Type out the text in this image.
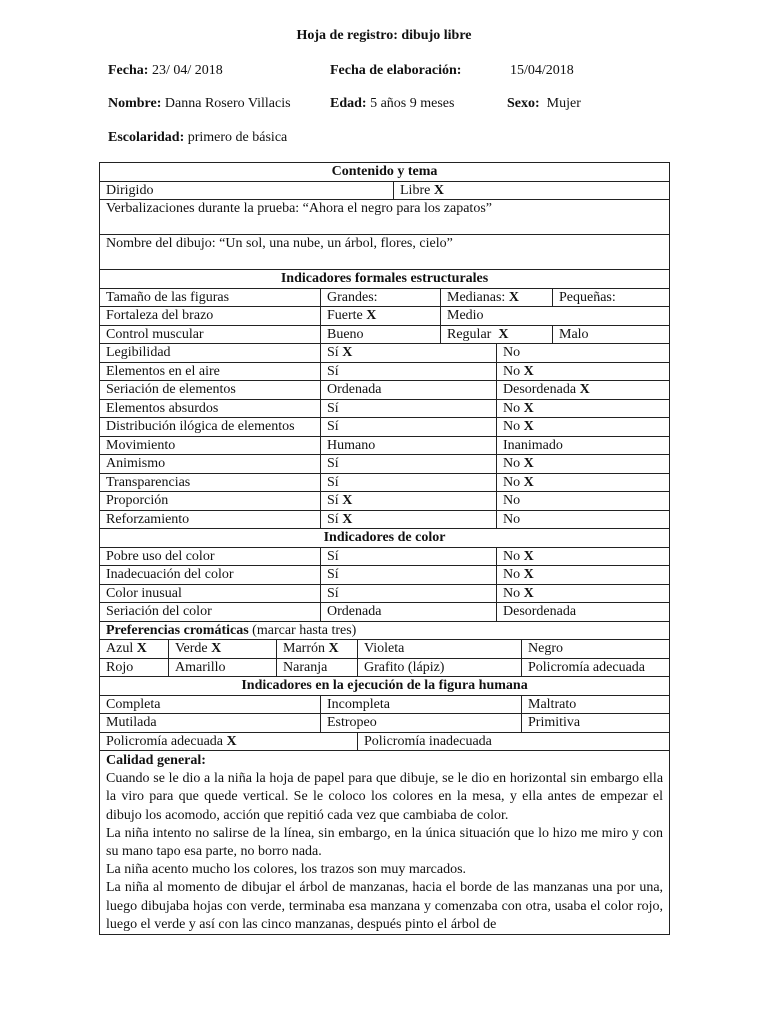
Hoja de registro: dibujo libre
Fecha: 23/ 04/ 2018	Fecha de elaboración:	15/04/2018
Nombre: Danna Rosero Villacis	Edad: 5 años 9 meses	Sexo: Mujer
Escolaridad: primero de básica
Contenido y tema									
Dirigido					Libre X				
Verbalizaciones durante la prueba: “Ahora el negro para los zapatos”									
Nombre del dibujo: “Un sol, una nube, un árbol, flores, cielo”									
Indicadores formales estructurales									
Tamaño de las figuras			Grandes:			Medianas: X			Pequeñas:
Fortaleza del brazo			Fuerte X			Medio			
Control muscular			Bueno			Regular X			Malo
Legibilidad			Sí X				No		
Elementos en el aire			Sí				No X		
Seriación de elementos			Ordenada				Desordenada X		
Elementos absurdos			Sí				No X		
Distribución ilógica de elementos			Sí				No X		
Movimiento			Humano				Inanimado		
Animismo			Sí				No X		
Transparencias			Sí				No X		
Proporción			Sí X				No		
Reforzamiento			Sí X				No		
Indicadores de color									
Pobre uso del color			Sí				No X		
Inadecuación del color			Sí				No X		
Color inusual			Sí				No X		
Seriación del color			Ordenada				Desordenada		
Preferencias cromáticas (marcar hasta tres)									
Azul X	Verde X	Marrón X		Violeta				Negro	
Rojo	Amarillo	Naranja		Grafito (lápiz)				Policromía adecuada	
Indicadores en la ejecución de la figura humana									
Completa			Incompleta					Maltrato	
Mutilada			Estropeo					Primitiva	
Policromía adecuada X				Policromía inadecuada					

Calidad general:
Cuando se le dio a la niña la hoja de papel para que dibuje, se le dio en horizontal sin embargo ella la viro para que quede vertical. Se le coloco los colores en la mesa, y ella antes de empezar el dibujo los acomodo, acción que repitió cada vez que cambiaba de color.
La niña intento no salirse de la línea, sin embargo, en la única situación que lo hizo me miro y con su mano tapo esa parte, no borro nada.
La niña acento mucho los colores, los trazos son muy marcados.
La niña al momento de dibujar el árbol de manzanas, hacia el borde de las manzanas una por una, luego dibujaba hojas con verde, terminaba esa manzana y comenzaba con otra, usaba el color rojo, luego el verde y así con las cinco manzanas, después pinto el árbol de									
